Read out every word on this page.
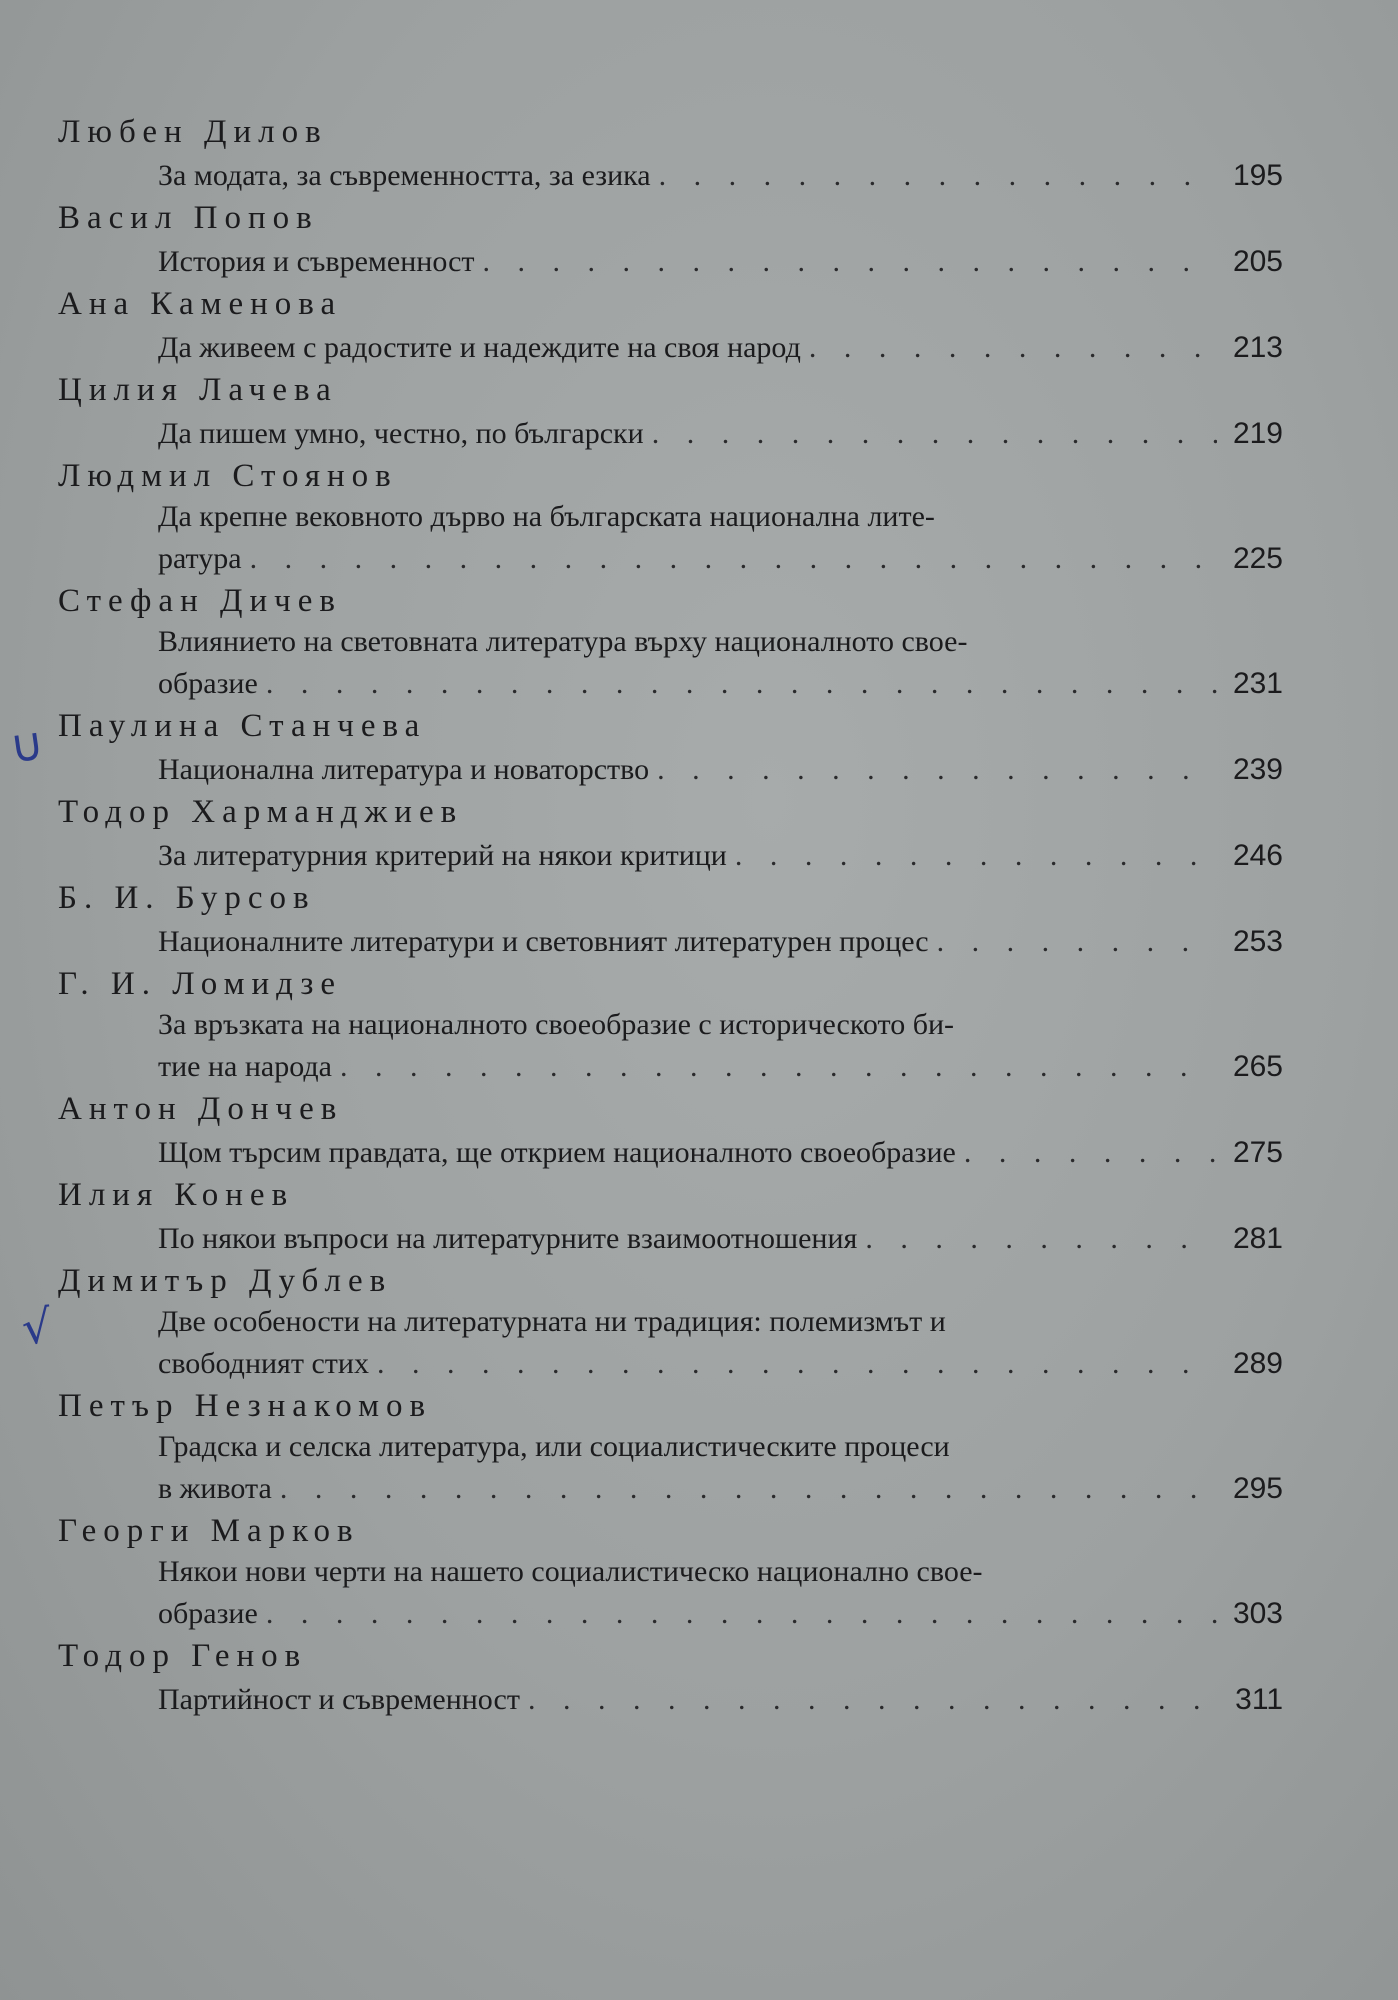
Любен Дилов
За модата, за съвременността, за езика . . .	195
Васил Попов
История и съвременност . . .	205
Ана Каменова
Да живеем с радостите и надеждите на своя народ . . .	213
Цилия Лачева
Да пишем умно, честно, по български . . .	219
Людмил Стоянов
Да крепне вековното дърво на българската национална лите-
ратура . . .	225
Стефан Дичев
Влиянието на световната литература върху националното свое-
образие . . .	231
Паулина Станчева
Национална литература и новаторство . . .	239
Тодор Харманджиев
За литературния критерий на някои критици . . .	246
Б. И. Бурсов
Националните литератури и световният литературен процес . . .	253
Г. И. Ломидзе
За връзката на националното своеобразие с историческото би-
тие на народа . . .	265
Антон Дончев
Щом търсим правдата, ще открием националното своеобразие . . .	275
Илия Конев
По някои въпроси на литературните взаимоотношения . . .	281
Димитър Дублев
Две особености на литературната ни традиция: полемизмът и
свободният стих . . .	289
Петър Незнакомов
Градска и селска литература, или социалистическите процеси
в живота . . .	295
Георги Марков
Някои нови черти на нашето социалистическо национално свое-
образие . . .	303
Тодор Генов
Партийност и съвременност . . .	311
∪
√
